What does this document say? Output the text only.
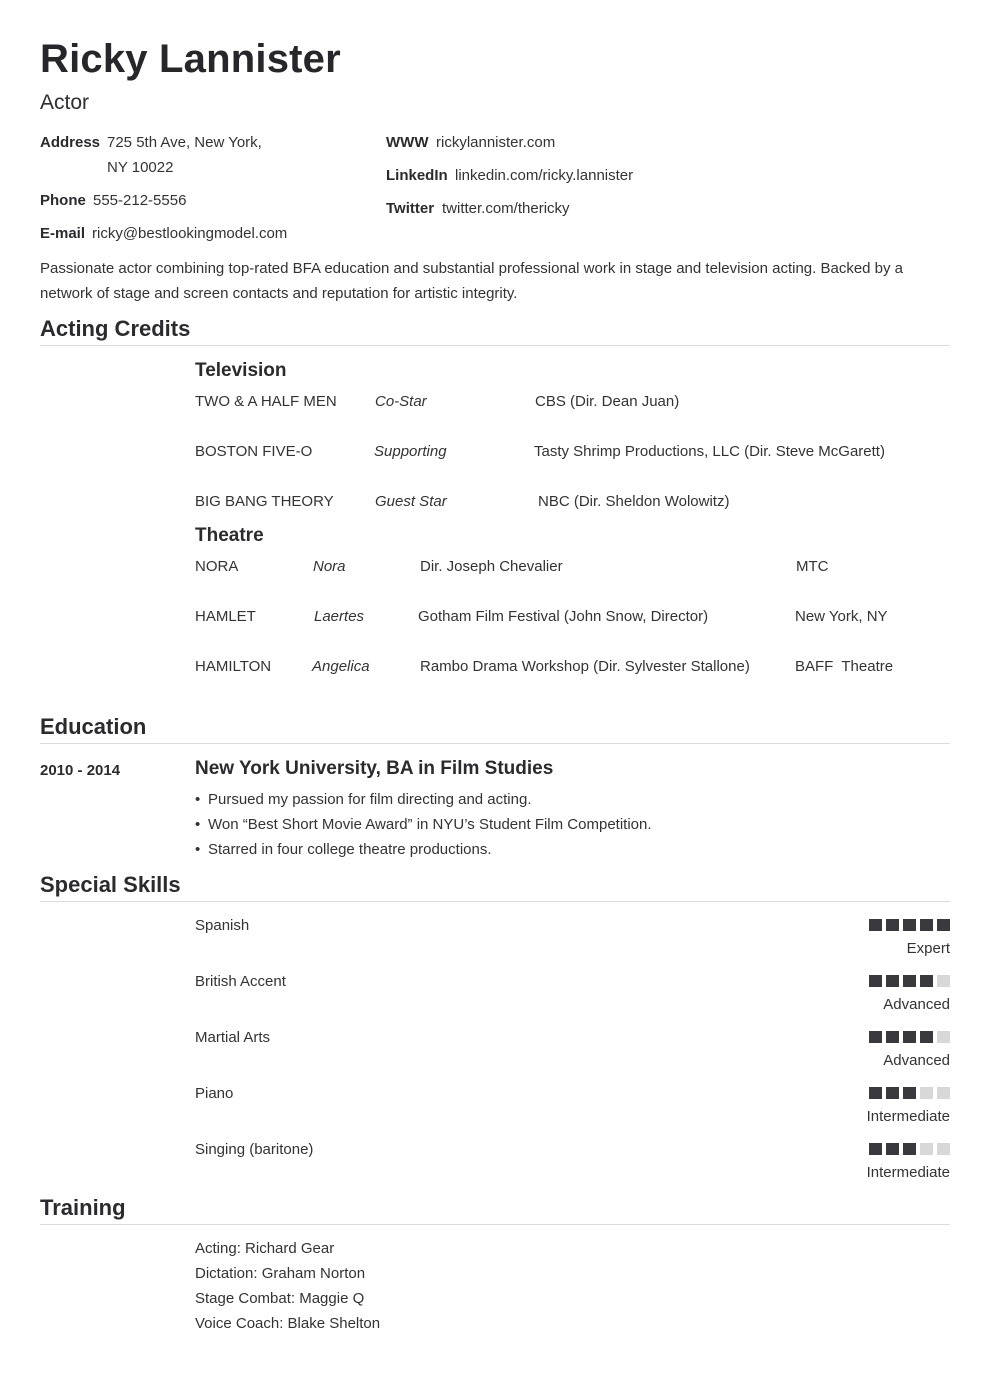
Ricky Lannister
Actor
Address 725 5th Ave, New York,
NY 10022
Phone 555-212-5556
E-mail ricky@bestlookingmodel.com
WWW rickylannister.com
LinkedIn linkedin.com/ricky.lannister
Twitter twitter.com/thericky
Passionate actor combining top-rated BFA education and substantial professional work in stage and television acting. Backed by a network of stage and screen contacts and reputation for artistic integrity.
Acting Credits
Television
TWO & A HALF MEN	Co-Star	CBS (Dir. Dean Juan)
BOSTON FIVE-O	Supporting	Tasty Shrimp Productions, LLC (Dir. Steve McGarett)
BIG BANG THEORY	Guest Star	NBC (Dir. Sheldon Wolowitz)
Theatre
NORA	Nora	Dir. Joseph Chevalier	MTC
HAMLET	Laertes	Gotham Film Festival (John Snow, Director)	New York, NY
HAMILTON	Angelica	Rambo Drama Workshop (Dir. Sylvester Stallone)	BAFF  Theatre
Education
2010 - 2014	New York University, BA in Film Studies
• Pursued my passion for film directing and acting.
• Won “Best Short Movie Award” in NYU’s Student Film Competition.
• Starred in four college theatre productions.
Special Skills
Spanish
Expert
British Accent
Advanced
Martial Arts
Advanced
Piano
Intermediate
Singing (baritone)
Intermediate
Training
Acting: Richard Gear
Dictation: Graham Norton
Stage Combat: Maggie Q
Voice Coach: Blake Shelton
